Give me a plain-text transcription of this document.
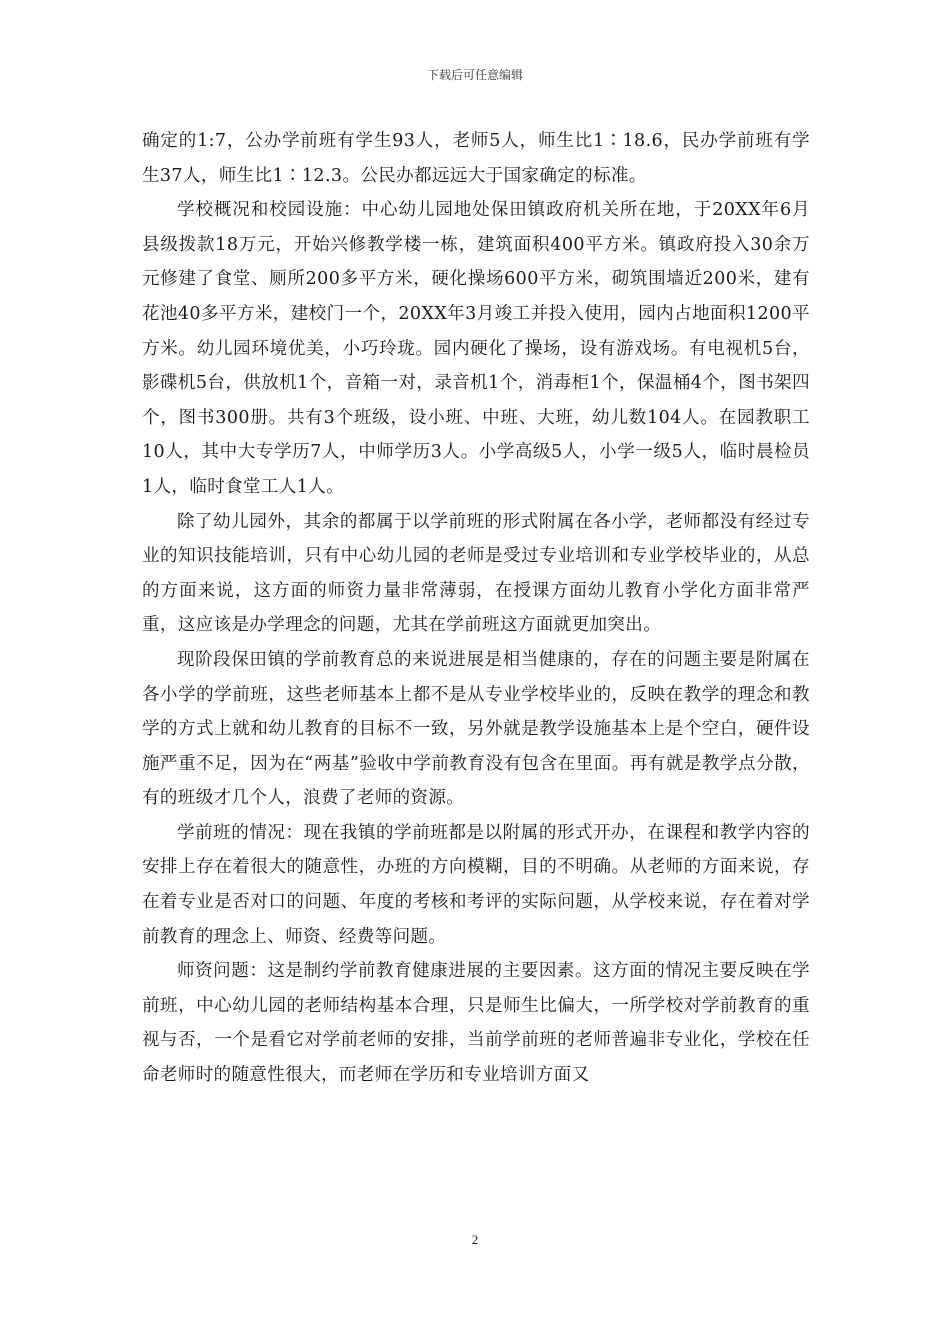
下载后可任意编辑

确定的1:7，公办学前班有学生93人，老师5人，师生比1∶18.6，民办学前班有学生37人，师生比1∶12.3。公民办都远远大于国家确定的标准。

学校概况和校园设施：中心幼儿园地处保田镇政府机关所在地，于20XX年6月县级拨款18万元，开始兴修教学楼一栋，建筑面积400平方米。镇政府投入30余万元修建了食堂、厕所200多平方米，硬化操场600平方米，砌筑围墙近200米，建有花池40多平方米，建校门一个，20XX年3月竣工并投入使用，园内占地面积1200平方米。幼儿园环境优美，小巧玲珑。园内硬化了操场，设有游戏场。有电视机5台，影碟机5台，供放机1个，音箱一对，录音机1个，消毒柜1个，保温桶4个，图书架四个，图书300册。共有3个班级，设小班、中班、大班，幼儿数104人。在园教职工10人，其中大专学历7人，中师学历3人。小学高级5人，小学一级5人，临时晨检员1人，临时食堂工人1人。

除了幼儿园外，其余的都属于以学前班的形式附属在各小学，老师都没有经过专业的知识技能培训，只有中心幼儿园的老师是受过专业培训和专业学校毕业的，从总的方面来说，这方面的师资力量非常薄弱，在授课方面幼儿教育小学化方面非常严重，这应该是办学理念的问题，尤其在学前班这方面就更加突出。

现阶段保田镇的学前教育总的来说进展是相当健康的，存在的问题主要是附属在各小学的学前班，这些老师基本上都不是从专业学校毕业的，反映在教学的理念和教学的方式上就和幼儿教育的目标不一致，另外就是教学设施基本上是个空白，硬件设施严重不足，因为在“两基”验收中学前教育没有包含在里面。再有就是教学点分散，有的班级才几个人，浪费了老师的资源。

学前班的情况：现在我镇的学前班都是以附属的形式开办，在课程和教学内容的安排上存在着很大的随意性，办班的方向模糊，目的不明确。从老师的方面来说，存在着专业是否对口的问题、年度的考核和考评的实际问题，从学校来说，存在着对学前教育的理念上、师资、经费等问题。

师资问题：这是制约学前教育健康进展的主要因素。这方面的情况主要反映在学前班，中心幼儿园的老师结构基本合理，只是师生比偏大，一所学校对学前教育的重视与否，一个是看它对学前老师的安排，当前学前班的老师普遍非专业化，学校在任命老师时的随意性很大，而老师在学历和专业培训方面又

2
